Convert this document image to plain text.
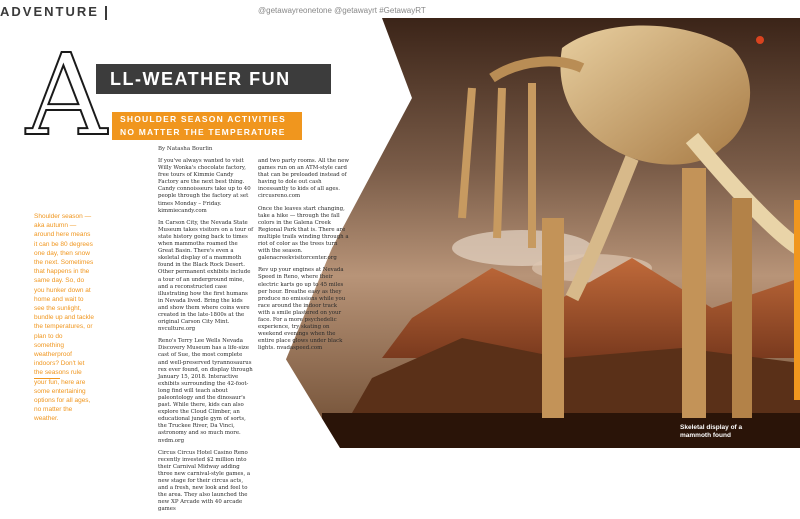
Skeletal display of a mammoth found
ADVENTURE	@getawayreonetone @getawayrt #GetawayRT
LL-WEATHER FUN
A	SHOULDER SEASON ACTIVITIES
NO MATTER THE TEMPERATURE
By Natasha Bourlin
Shoulder season — aka autumn — around here means it can be 80 degrees one day, then snow the next. Sometimes that happens in the same day. So, do you hunker down at home and wait to see the sunlight, bundle up and tackle the temperatures, or plan to do something weatherproof indoors? Don't let the seasons rule your fun, here are some entertaining options for all ages, no matter the weather.

If you've always wanted to visit Willy Wonka's chocolate factory, free tours of Kimmie Candy Factory are the next best thing. Candy connoisseurs take up to 40 people through the factory at set times Monday – Friday. kimmiecandy.com

In Carson City, the Nevada State Museum takes visitors on a tour of state history going back to times when mammoths roamed the Great Basin. There's even a skeletal display of a mammoth found in the Black Rock Desert. Other permanent exhibits include a tour of an underground mine, and a reconstructed case illustrating how the first humans in Nevada lived. Bring the kids and show them where coins were created in the late-1800s at the original Carson City Mint. nvculture.org

Reno's Terry Lee Wells Nevada Discovery Museum has a life-size cast of Sue, the most complete and well-preserved tyrannosaurus rex ever found, on display through January 15, 2018. Interactive exhibits surrounding the 42-foot-long find will teach about paleontology and the dinosaur's past. While there, kids can also explore the Cloud Climber, an educational jungle gym of sorts, the Truckee River, Da Vinci, astronomy and so much more. nvdm.org

Circus Circus Hotel Casino Reno recently invested $2 million into their Carnival Midway adding three new carnival-style games, a new stage for their circus acts, and a fresh, new look and feel to the area. They also launched the new XP Arcade with 40 arcade games

and two party rooms. All the new games run on an ATM-style card that can be preloaded instead of having to dole out cash incessantly to kids of all ages. circusreno.com

Once the leaves start changing, take a hike — through the fall colors in the Galena Creek Regional Park that is. There are multiple trails winding through a riot of color as the trees turn with the season. galenacreekvisitorcenter.org

Rev up your engines at Nevada Speed in Reno, where their electric karts go up to 45 miles per hour. Breathe easy as they produce no emissions while you race around the indoor track with a smile plastered on your face. For a more psychedelic experience, try skating on weekend evenings when the entire place glows under black lights. nvadaspeed.com
